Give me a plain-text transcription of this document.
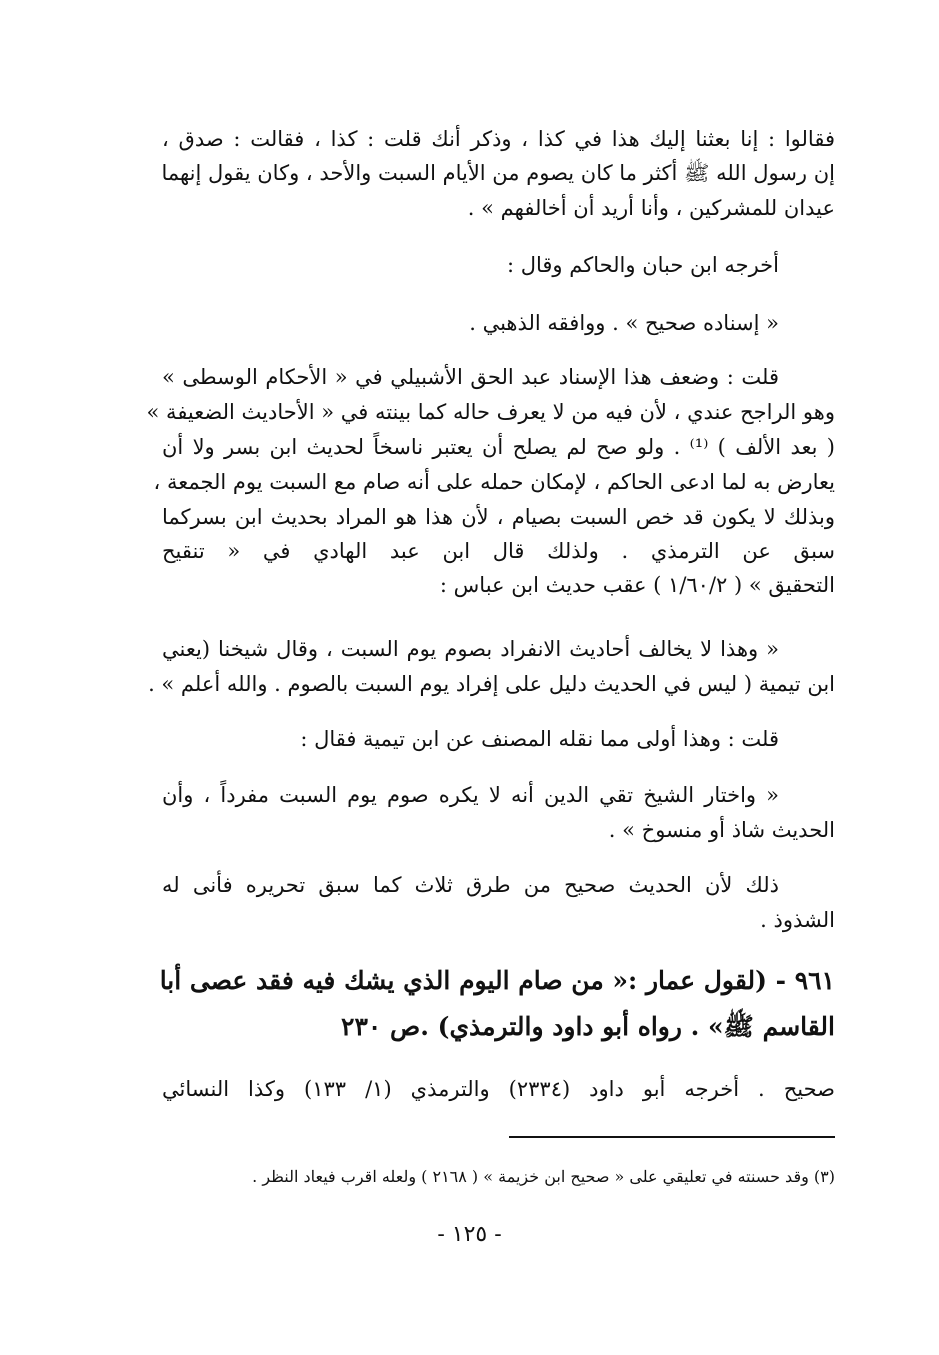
فقالوا : إنا بعثنا إليك هذا في كذا ، وذكر أنك قلت : كذا ، فقالت : صدق ،
إن رسول الله ﷺ أكثر ما كان يصوم من الأيام السبت والأحد ، وكان يقول إنهما
عيدان للمشركين ، وأنا أريد أن أخالفهم » .
أخرجه ابن حبان والحاكم وقال :
« إسناده صحيح » . ووافقه الذهبي .
قلت : وضعف هذا الإسناد عبد الحق الأشبيلي في « الأحكام الوسطى »
وهو الراجح عندي ، لأن فيه من لا يعرف حاله كما بينته في « الأحاديث الضعيفة »
( بعد الألف ) ⁽¹⁾ . ولو صح لم يصلح أن يعتبر ناسخاً لحديث ابن بسر ولا أن
يعارض به لما ادعى الحاكم ، لإمكان حمله على أنه صام مع السبت يوم الجمعة ،
وبذلك لا يكون قد خص السبت بصيام ، لأن هذا هو المراد بحديث ابن بسركما
سبق عن الترمذي . ولذلك قال ابن عبد الهادي في « تنقيح
التحقيق » ( ١/٦٠/٢ ) عقب حديث ابن عباس :
« وهذا لا يخالف أحاديث الانفراد بصوم يوم السبت ، وقال شيخنا (يعني
ابن تيمية ( ليس في الحديث دليل على إفراد يوم السبت بالصوم . والله أعلم » .
قلت : وهذا أولى مما نقله المصنف عن ابن تيمية فقال :
« واختار الشيخ تقي الدين أنه لا يكره صوم يوم السبت مفرداً ، وأن
الحديث شاذ أو منسوخ » .
ذلك لأن الحديث صحيح من طرق ثلاث كما سبق تحريره فأنى له
الشذوذ .
٩٦١ - (لقول عمار :« من صام اليوم الذي يشك فيه فقد عصى أبا
القاسم ﷺ» . رواه أبو داود والترمذي) .ص ٢٣٠
صحيح . أخرجه أبو داود (٢٣٣٤) والترمذي (١/ ١٣٣) وكذا النسائي
(٣) وقد حسنته في تعليقي على « صحيح ابن خزيمة » ( ٢١٦٨ ) ولعله اقرب فيعاد النظر .
- ١٢٥ -
